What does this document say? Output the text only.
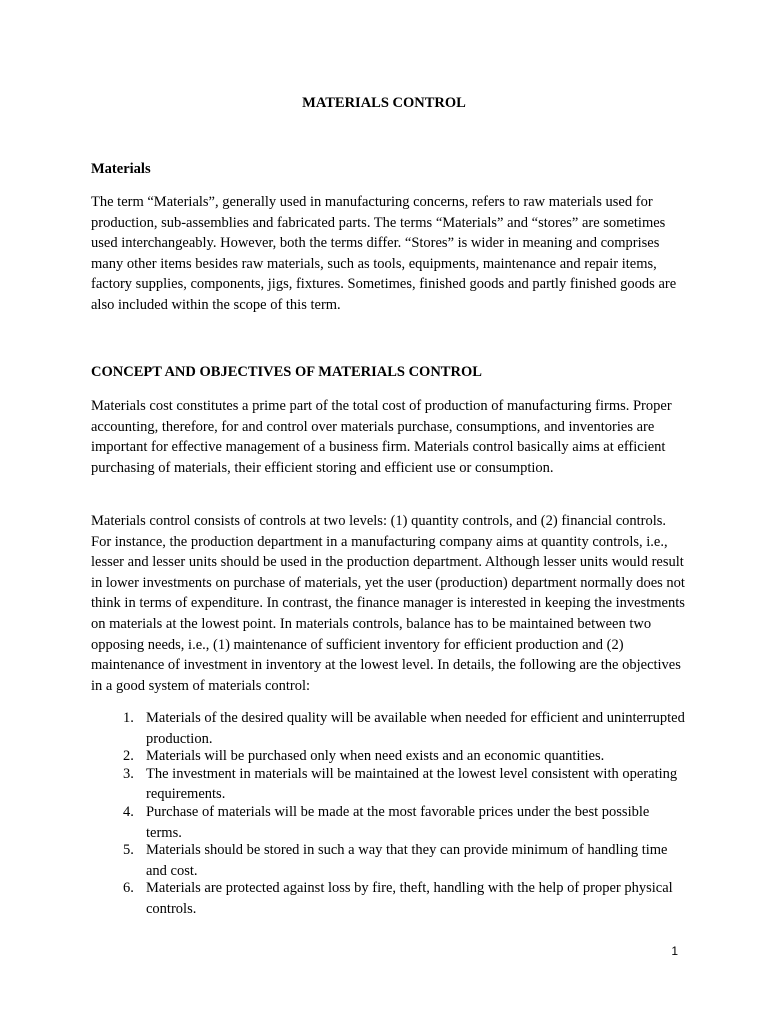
MATERIALS CONTROL
Materials

The term “Materials”, generally used in manufacturing concerns, refers to raw materials used for production, sub-assemblies and fabricated parts. The terms “Materials” and “stores” are sometimes used interchangeably. However, both the terms differ. “Stores” is wider in meaning and comprises many other items besides raw materials, such as tools, equipments, maintenance and repair items, factory supplies, components, jigs, fixtures. Sometimes, finished goods and partly finished goods are also included within the scope of this term.

CONCEPT AND OBJECTIVES OF MATERIALS CONTROL

Materials cost constitutes a prime part of the total cost of production of manufacturing firms. Proper accounting, therefore, for and control over materials purchase, consumptions, and inventories are important for effective management of a business firm. Materials control basically aims at efficient purchasing of materials, their efficient storing and efficient use or consumption.

Materials control consists of controls at two levels: (1) quantity controls, and (2) financial controls. For instance, the production department in a manufacturing company aims at quantity controls, i.e., lesser and lesser units should be used in the production department. Although lesser units would result in lower investments on purchase of materials, yet the user (production) department normally does not think in terms of expenditure. In contrast, the finance manager is interested in keeping the investments on materials at the lowest point. In materials controls, balance has to be maintained between two opposing needs, i.e., (1) maintenance of sufficient inventory for efficient production and (2) maintenance of investment in inventory at the lowest level. In details, the following are the objectives in a good system of materials control:

1. Materials of the desired quality will be available when needed for efficient and uninterrupted production.
2. Materials will be purchased only when need exists and an economic quantities.
3. The investment in materials will be maintained at the lowest level consistent with operating requirements.
4. Purchase of materials will be made at the most favorable prices under the best possible terms.
5. Materials should be stored in such a way that they can provide minimum of handling time and cost.
6. Materials are protected against loss by fire, theft, handling with the help of proper physical controls.
1
